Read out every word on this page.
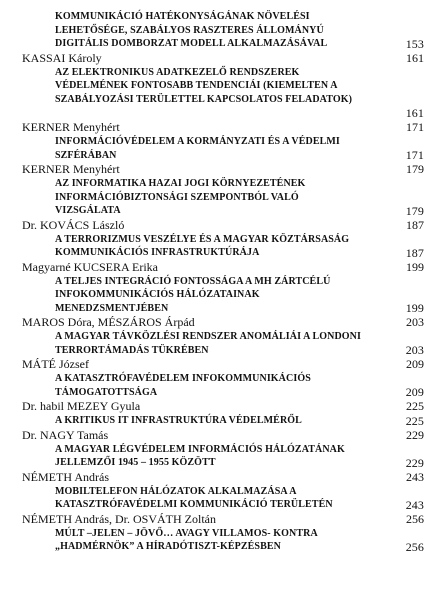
KOMMUNIKÁCIÓ HATÉKONYSÁGÁNAK NÖVELÉSI
LEHETŐSÉGE, SZABÁLYOS RASZTERES ÁLLOMÁNYÚ
DIGITÁLIS DOMBORZAT MODELL ALKALMAZÁSÁVAL	153
KASSAI Károly	161
AZ ELEKTRONIKUS ADATKEZELŐ RENDSZEREK
VÉDELMÉNEK FONTOSABB TENDENCIÁI (KIEMELTEN A
SZABÁLYOZÁSI TERÜLETTEL KAPCSOLATOS FELADATOK)
161
KERNER Menyhért	171
INFORMÁCIÓVÉDELEM A KORMÁNYZATI ÉS A VÉDELMI
SZFÉRÁBAN	171
KERNER Menyhért	179
AZ INFORMATIKA HAZAI JOGI KÖRNYEZETÉNEK
INFORMÁCIÓBIZTONSÁGI SZEMPONTBÓL VALÓ
VIZSGÁLATA	179
Dr. KOVÁCS László	187
A TERRORIZMUS VESZÉLYE ÉS A MAGYAR KÖZTÁRSASÁG
KOMMUNIKÁCIÓS INFRASTRUKTÚRÁJA	187
Magyarné KUCSERA Erika	199
A TELJES INTEGRÁCIÓ FONTOSSÁGA A MH ZÁRTCÉLÚ
INFOKOMMUNIKÁCIÓS HÁLÓZATAINAK
MENEDZSMENTJÉBEN	199
MAROS Dóra, MÉSZÁROS Árpád	203
A MAGYAR TÁVKÖZLÉSI RENDSZER ANOMÁLIÁI A LONDONI
TERRORTÁMADÁS TÜKRÉBEN	203
MÁTÉ József	209
A KATASZTRÓFAVÉDELEM INFOKOMMUNIKÁCIÓS
TÁMOGATOTTSÁGA	209
Dr. habil MEZEY Gyula	225
A KRITIKUS IT INFRASTRUKTÚRA VÉDELMÉRŐL	225
Dr. NAGY Tamás	229
A MAGYAR LÉGVÉDELEM INFORMÁCIÓS HÁLÓZATÁNAK
JELLEMZŐI 1945 – 1955 KÖZÖTT	229
NÉMETH András	243
MOBILTELEFON HÁLÓZATOK ALKALMAZÁSA A
KATASZTRÓFAVÉDELMI KOMMUNIKÁCIÓ TERÜLETÉN	243
NÉMETH András, Dr. OSVÁTH Zoltán	256
MÚLT –JELEN – JÖVŐ… AVAGY VILLAMOS- KONTRA
„HADMÉRNÖK” A HÍRADÓTISZT-KÉPZÉSBEN	256
